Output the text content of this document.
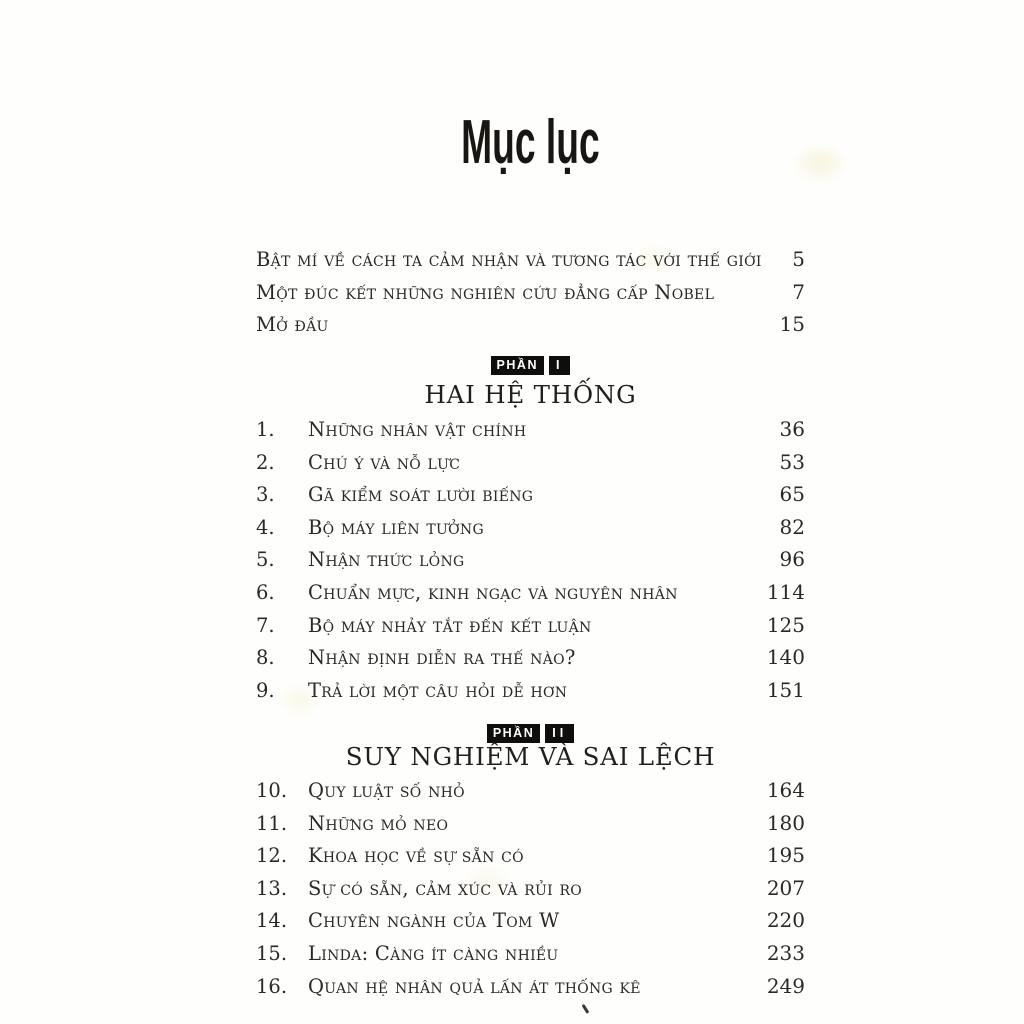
Mục lục
Bật mí về cách ta cảm nhận và tương tác với thế giới	5
Một đúc kết những nghiên cứu đẳng cấp Nobel	7
Mở đầu	15
PHẦN	I
HAI HỆ THỐNG
1.	Những nhân vật chính	36
2.	Chú ý và nỗ lực	53
3.	Gã kiểm soát lười biếng	65
4.	Bộ máy liên tưởng	82
5.	Nhận thức lỏng	96
6.	Chuẩn mực, kinh ngạc và nguyên nhân	114
7.	Bộ máy nhảy tắt đến kết luận	125
8.	Nhận định diễn ra thế nào?	140
9.	Trả lời một câu hỏi dễ hơn	151
PHẦN	II
SUY NGHIỆM VÀ SAI LỆCH
10.	Quy luật số nhỏ	164
11.	Những mỏ neo	180
12.	Khoa học về sự sẵn có	195
13.	Sự có sẵn, cảm xúc và rủi ro	207
14.	Chuyên ngành của Tom W	220
15.	Linda: Càng ít càng nhiều	233
16.	Quan hệ nhân quả lấn át thống kê	249
